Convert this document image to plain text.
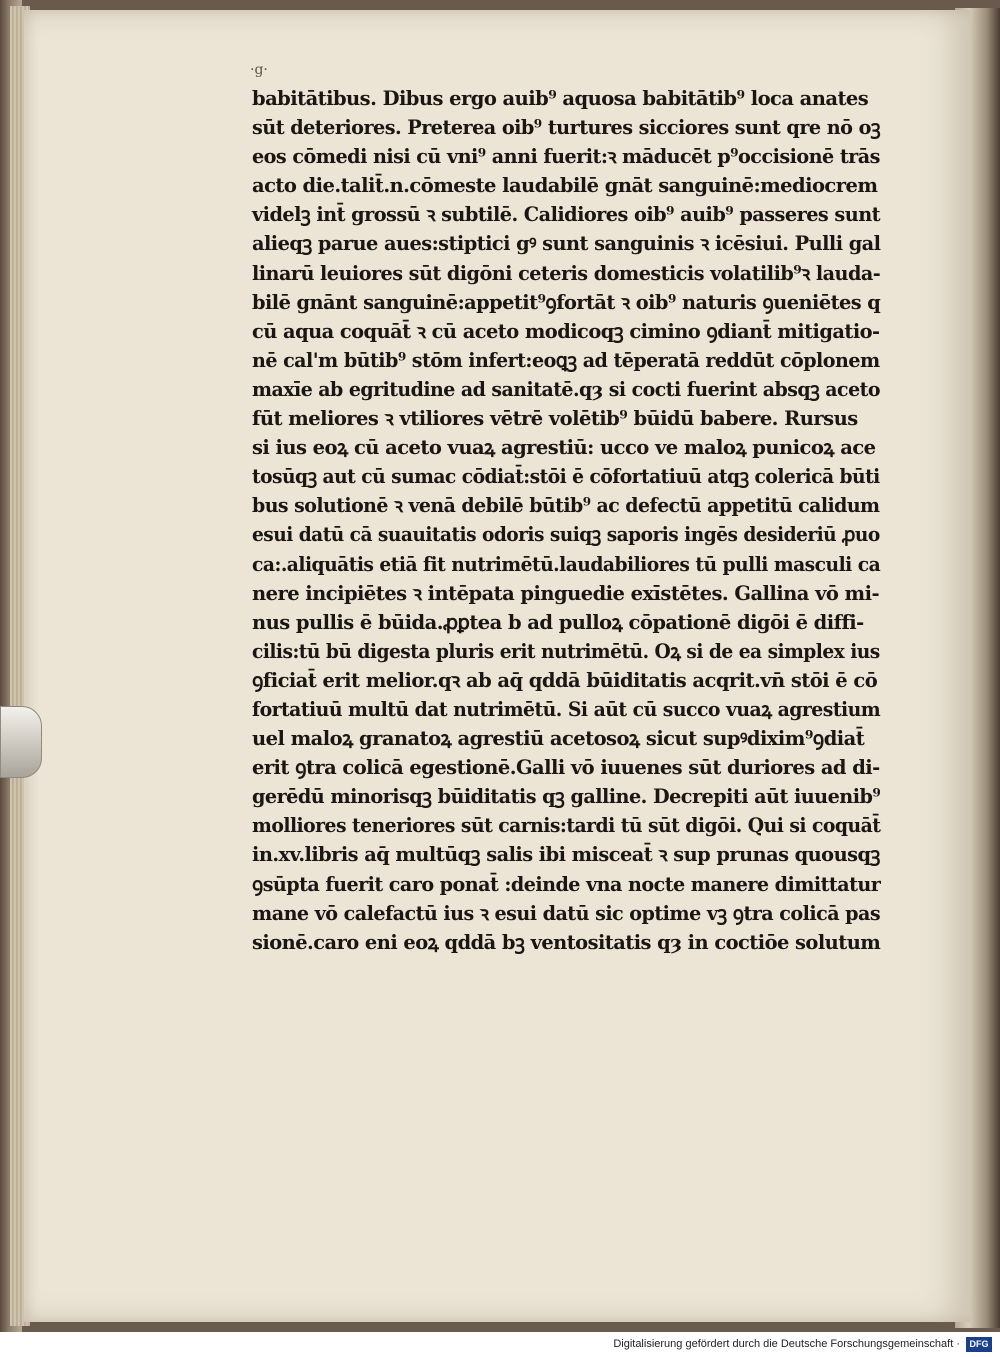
·g·
babitātibus. Dibus ergo auib⁹ aquosa babitātib⁹ loca anates
sūt deteriores. Preterea oib⁹ turtures sicciores sunt qre nō oꝫ
eos cōmedi nisi cū vni⁹ anni fuerit:ꝛ māducēt p⁹occisionē trās
acto die.talit̄.n.cōmeste laudabilē gnāt sanguinē:mediocrem
videlꝫ int̄ grossū ꝛ subtilē. Calidiores oib⁹ auib⁹ passeres sunt
alieqꝫ parue aues:stiptici gꝰ sunt sanguinis ꝛ icēsiui. Pulli gal
linarū leuiores sūt digōni ceteris domesticis volatilib⁹ꝛ lauda-
bilē gnānt sanguinē:appetit⁹ꝯfortāt ꝛ oib⁹ naturis ꝯueniētes q
cū aqua coquāt̄ ꝛ cū aceto modicoqꝫ cimino ꝯdiant̄ mitigatio-
nē cal'm būtib⁹ stōm infert:eoꝗꝫ ad tēperatā reddūt cōplonem
maxīe ab egritudine ad sanitatē.qȝ si cocti fuerint absqꝫ aceto
fūt meliores ꝛ vtiliores vētrē volētib⁹ būidū babere. Rursus
si ius eoꝝ cū aceto vuaꝝ agrestiū: ucco ve maloꝝ punicoꝝ ace
tosūqꝫ aut cū sumac cōdiat̄:stōi ē cōfortatiuū atqꝫ colericā būti
bus solutionē ꝛ venā debilē būtib⁹ ac defectū appetitū calidum
esui datū cā suauitatis odoris suiqꝫ saporis ingēs desideriū ꝓuo
ca:.aliquātis etiā fit nutrimētū.laudabiliores tū pulli masculi ca
nere incipiētes ꝛ intēpata pinguedie exīstētes. Gallina vō mi-
nus pullis ē būida.ꝓꝑtea b ad pulloꝝ cōpationē digōi ē diffi-
cilis:tū bū digesta pluris erit nutrimētū. Oꝝ si de ea simplex ius
ꝯficiat̄ erit melior.qꝛ ab aq̄ qddā būiditatis acqrit.vn̄ stōi ē cō
fortatiuū multū dat nutrimētū. Si aūt cū succo vuaꝝ agrestium
uel maloꝝ granatoꝝ agrestiū acetosoꝝ sicut supꝰdixim⁹ꝯdiat̄
erit ꝯtra colicā egestionē.Galli vō iuuenes sūt duriores ad di-
gerēdū minorisqꝫ būiditatis qꝫ galline. Decrepiti aūt iuuenib⁹
molliores teneriores sūt carnis:tardi tū sūt digōi. Qui si coquāt̄
in.xv.libris aq̄ multūqꝫ salis ibi misceat̄ ꝛ sup prunas quousqꝫ
ꝯsūpta fuerit caro ponat̄ :deinde vna nocte manere dimittatur
mane vō calefactū ius ꝛ esui datū sic optime vꝫ ꝯtra colicā pas
sionē.caro eni eoꝝ qddā bꝫ ventositatis qȝ in coctiōe solutum
Digitalisierung gefördert durch die Deutsche Forschungsgemeinschaft ·	DFG
